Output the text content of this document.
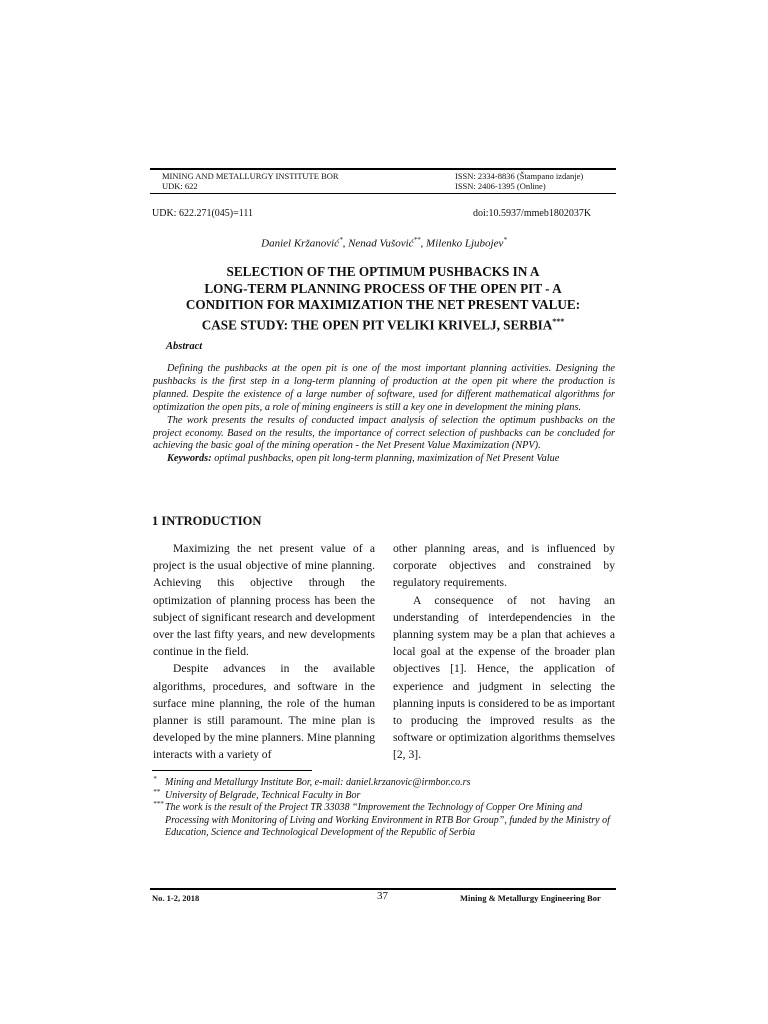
MINING AND METALLURGY INSTITUTE BOR
UDK: 622
ISSN: 2334-8836 (Štampano izdanje)
ISSN: 2406-1395 (Online)
UDK: 622.271(045)=111	doi:10.5937/mmeb1802037K
Daniel Kržanović*, Nenad Vušović**, Milenko Ljubojev*
SELECTION OF THE OPTIMUM PUSHBACKS IN A
LONG-TERM PLANNING PROCESS OF THE OPEN PIT - A
CONDITION FOR MAXIMIZATION THE NET PRESENT VALUE:
CASE STUDY: THE OPEN PIT VELIKI KRIVELJ, SERBIA***
Abstract

Defining the pushbacks at the open pit is one of the most important planning activities. Designing the pushbacks is the first step in a long-term planning of production at the open pit where the production is planned. Despite the existence of a large number of software, used for different mathematical algorithms for optimization the open pits, a role of mining engineers is still a key one in development the mining plans.

The work presents the results of conducted impact analysis of selection the optimum pushbacks on the project economy. Based on the results, the importance of correct selection of pushbacks can be concluded for achieving the basic goal of the mining operation - the Net Present Value Maximization (NPV).

Keywords: optimal pushbacks, open pit long-term planning, maximization of Net Present Value

1 INTRODUCTION

Maximizing the net present value of a project is the usual objective of mine planning. Achieving this objective through the optimization of planning process has been the subject of significant research and development over the last fifty years, and new developments continue in the field.

Despite advances in the available algorithms, procedures, and software in the surface mine planning, the role of the human planner is still paramount. The mine plan is developed by the mine planners. Mine planning interacts with a variety of

other planning areas, and is influenced by corporate objectives and constrained by regulatory requirements.

A consequence of not having an understanding of interdependencies in the planning system may be a plan that achieves a local goal at the expense of the broader plan objectives [1]. Hence, the application of experience and judgment in selecting the planning inputs is considered to be as important to producing the improved results as the software or optimization algorithms themselves [2, 3].

* Mining and Metallurgy Institute Bor, e-mail: daniel.krzanovic@irmbor.co.rs
** University of Belgrade, Technical Faculty in Bor
*** The work is the result of the Project TR 33038 “Improvement the Technology of Copper Ore Mining and Processing with Monitoring of Living and Working Environment in RTB Bor Group”, funded by the Ministry of Education, Science and Technological Development of the Republic of Serbia
No. 1-2, 2018	37	Mining & Metallurgy Engineering Bor
